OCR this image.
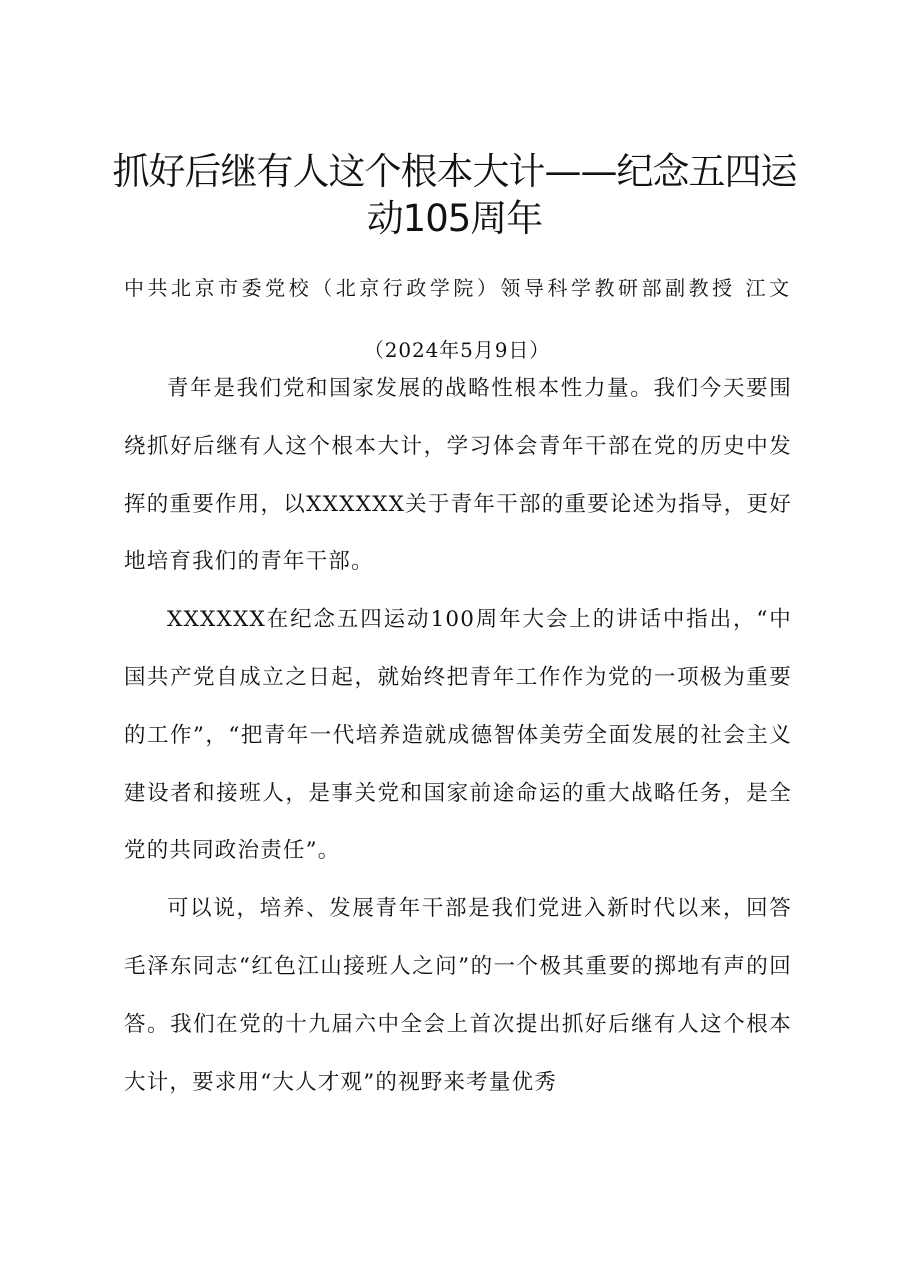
抓好后继有人这个根本大计——纪念五四运动105周年

中共北京市委党校（北京行政学院）领导科学教研部副教授 江文（2024年5月9日）

青年是我们党和国家发展的战略性根本性力量。我们今天要围绕抓好后继有人这个根本大计，学习体会青年干部在党的历史中发挥的重要作用，以XXXXXX关于青年干部的重要论述为指导，更好地培育我们的青年干部。

XXXXXX在纪念五四运动100周年大会上的讲话中指出，“中国共产党自成立之日起，就始终把青年工作作为党的一项极为重要的工作”，“把青年一代培养造就成德智体美劳全面发展的社会主义建设者和接班人，是事关党和国家前途命运的重大战略任务，是全党的共同政治责任”。

可以说，培养、发展青年干部是我们党进入新时代以来，回答毛泽东同志“红色江山接班人之问”的一个极其重要的掷地有声的回答。我们在党的十九届六中全会上首次提出抓好后继有人这个根本大计，要求用“大人才观”的视野来考量优秀
